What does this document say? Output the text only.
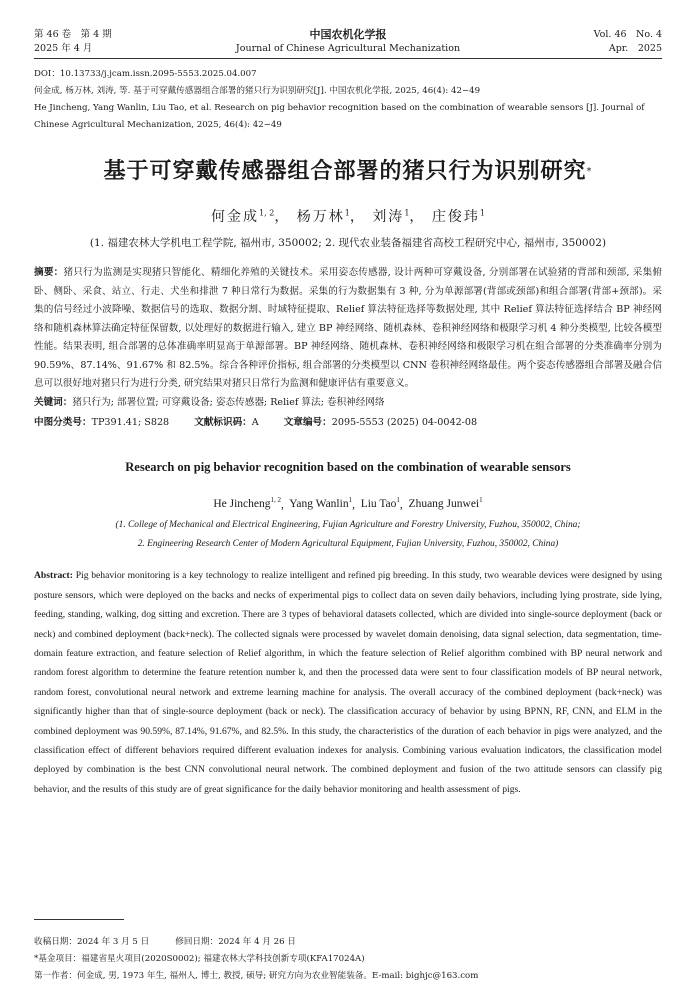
第 46 卷　第 4 期
2025 年 4 月
中国农机化学报
Journal of Chinese Agricultural Mechanization
Vol. 46　No. 4
Apr.　2025
DOI：10.13733/j.jcam.issn.2095-5553.2025.04.007
何金成, 杨万林, 刘涛, 等. 基于可穿戴传感器组合部署的猪只行为识别研究[J]. 中国农机化学报, 2025, 46(4): 42−49
He Jincheng, Yang Wanlin, Liu Tao, et al. Research on pig behavior recognition based on the combination of wearable sensors [J]. Journal of
Chinese Agricultural Mechanization, 2025, 46(4): 42−49
基于可穿戴传感器组合部署的猪只行为识别研究*
何金成$^{1, 2}$， 杨万林$^1$， 刘涛$^1$， 庄俊玮$^1$
(1. 福建农林大学机电工程学院, 福州市, 350002; 2. 现代农业装备福建省高校工程研究中心, 福州市, 350002)
摘要：猪只行为监测是实现猪只智能化、精细化养殖的关键技术。采用姿态传感器, 设计两种可穿戴设备, 分别部署在试验猪的背部和颈部, 采集俯卧、侧卧、采食、站立、行走、犬坐和排泄 7 种日常行为数据。采集的行为数据集有 3 种, 分为单源部署(背部或颈部)和组合部署(背部+颈部)。采集的信号经过小波降噪、数据信号的选取、数据分割、时域特征提取、Relief 算法特征选择等数据处理, 其中 Relief 算法特征选择结合 BP 神经网络和随机森林算法确定特征保留数, 以处理好的数据进行输入, 建立 BP 神经网络、随机森林、卷积神经网络和极限学习机 4 种分类模型, 比较各模型性能。结果表明, 组合部署的总体准确率明显高于单源部署。BP 神经网络、随机森林、卷积神经网络和极限学习机在组合部署的分类准确率分别为 90.59%、87.14%、91.67% 和 82.5%。综合各种评价指标, 组合部署的分类模型以 CNN 卷积神经网络最佳。两个姿态传感器组合部署及融合信息可以很好地对猪只行为进行分类, 研究结果对猪只日常行为监测和健康评估有重要意义。
关键词：猪只行为; 部署位置; 可穿戴设备; 姿态传感器; Relief 算法; 卷积神经网络
中图分类号：TP391.41; S828	文献标识码：A	文章编号：2095-5553 (2025) 04-0042-08
Research on pig behavior recognition based on the combination of wearable sensors
He Jincheng$^{1, 2}$,  Yang Wanlin$^1$,  Liu Tao$^1$,  Zhuang Junwei$^1$
(1. College of Mechanical and Electrical Engineering, Fujian Agriculture and Forestry University, Fuzhou, 350002, China;
2. Engineering Research Center of Modern Agricultural Equipment, Fujian University, Fuzhou, 350002, China)
Abstract: Pig behavior monitoring is a key technology to realize intelligent and refined pig breeding. In this study, two wearable devices were designed by using posture sensors, which were deployed on the backs and necks of experimental pigs to collect data on seven daily behaviors, including lying prostrate, side lying, feeding, standing, walking, dog sitting and excretion. There are 3 types of behavioral datasets collected, which are divided into single-source deployment (back or neck) and combined deployment (back+neck). The collected signals were processed by wavelet domain denoising, data signal selection, data segmentation, time-domain feature extraction, and feature selection of Relief algorithm, in which the feature selection of Relief algorithm combined with BP neural network and random forest algorithm to determine the feature retention number k, and then the processed data were sent to four classification models of BP neural network, random forest, convolutional neural network and extreme learning machine for analysis. The overall accuracy of the combined deployment (back+neck) was significantly higher than that of single-source deployment (back or neck). The classification accuracy of behavior by using BPNN, RF, CNN, and ELM in the combined deployment was 90.59%, 87.14%, 91.67%, and 82.5%. In this study, the characteristics of the duration of each behavior in pigs were analyzed, and the classification effect of different behaviors required different evaluation indexes for analysis. Combining various evaluation indicators, the classification model deployed by combination is the best CNN convolutional neural network. The combined deployment and fusion of the two attitude sensors can classify pig behavior, and the results of this study are of great significance for the daily behavior monitoring and health assessment of pigs.
收稿日期：2024 年 3 月 5 日	修回日期：2024 年 4 月 26 日
*基金项目：福建省星火项目(2020S0002); 福建农林大学科技创新专项(KFA17024A)
第一作者：何金成, 男, 1973 年生, 福州人, 博士, 教授, 硕导; 研究方向为农业智能装备。E-mail: bighjc@163.com
